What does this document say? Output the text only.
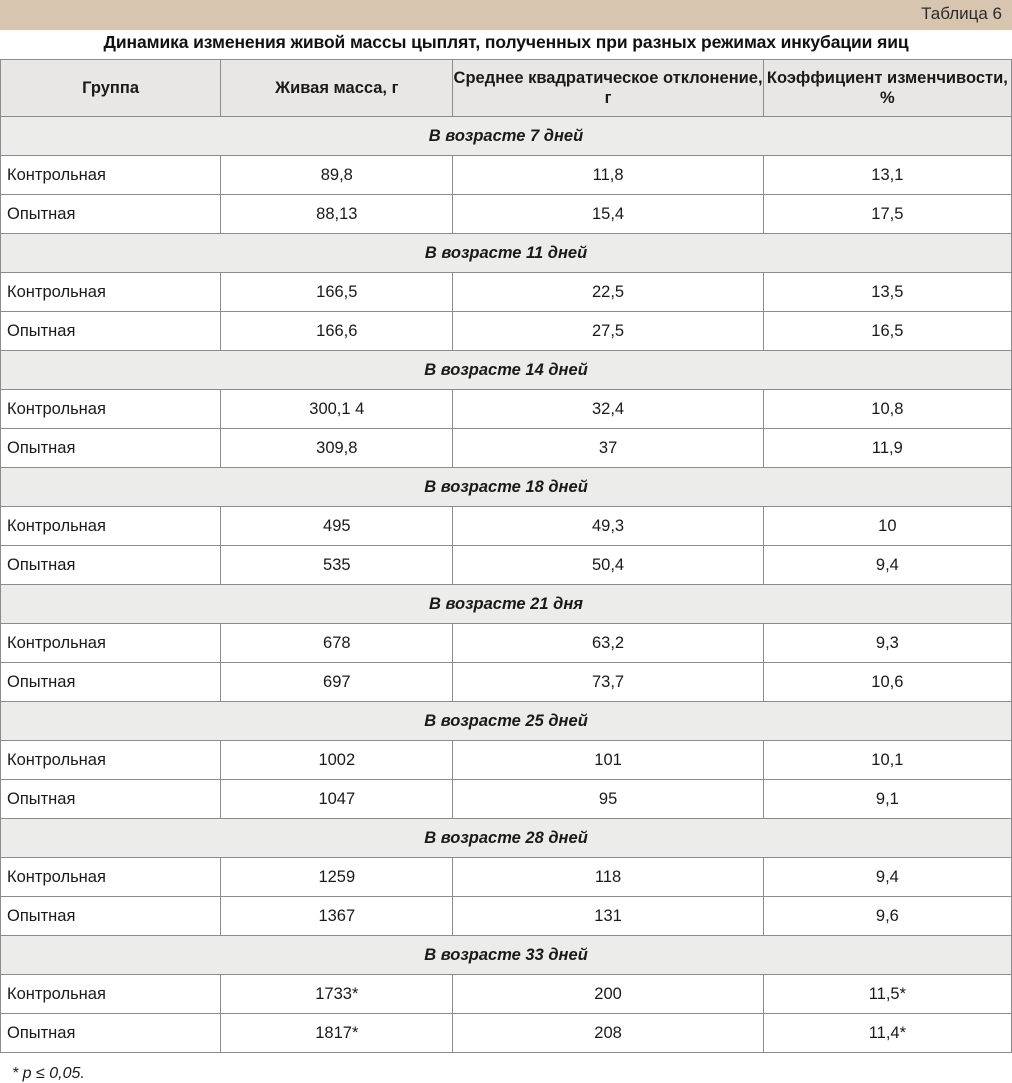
Таблица 6
Динамика изменения живой массы цыплят, полученных при разных режимах инкубации яиц
Группа	Живая масса, г	Среднее квадратическое отклонение, г	Коэффициент изменчивости, %
В возрасте 7 дней			
Контрольная	89,8	11,8	13,1
Опытная	88,13	15,4	17,5
В возрасте 11 дней			
Контрольная	166,5	22,5	13,5
Опытная	166,6	27,5	16,5
В возрасте 14 дней			
Контрольная	300,1 4	32,4	10,8
Опытная	309,8	37	11,9
В возрасте 18 дней			
Контрольная	495	49,3	10
Опытная	535	50,4	9,4
В возрасте 21 дня			
Контрольная	678	63,2	9,3
Опытная	697	73,7	10,6
В возрасте 25 дней			
Контрольная	1002	101	10,1
Опытная	1047	95	9,1
В возрасте 28 дней			
Контрольная	1259	118	9,4
Опытная	1367	131	9,6
В возрасте 33 дней			
Контрольная	1733*	200	11,5*
Опытная	1817*	208	11,4*
* p ≤ 0,05.
